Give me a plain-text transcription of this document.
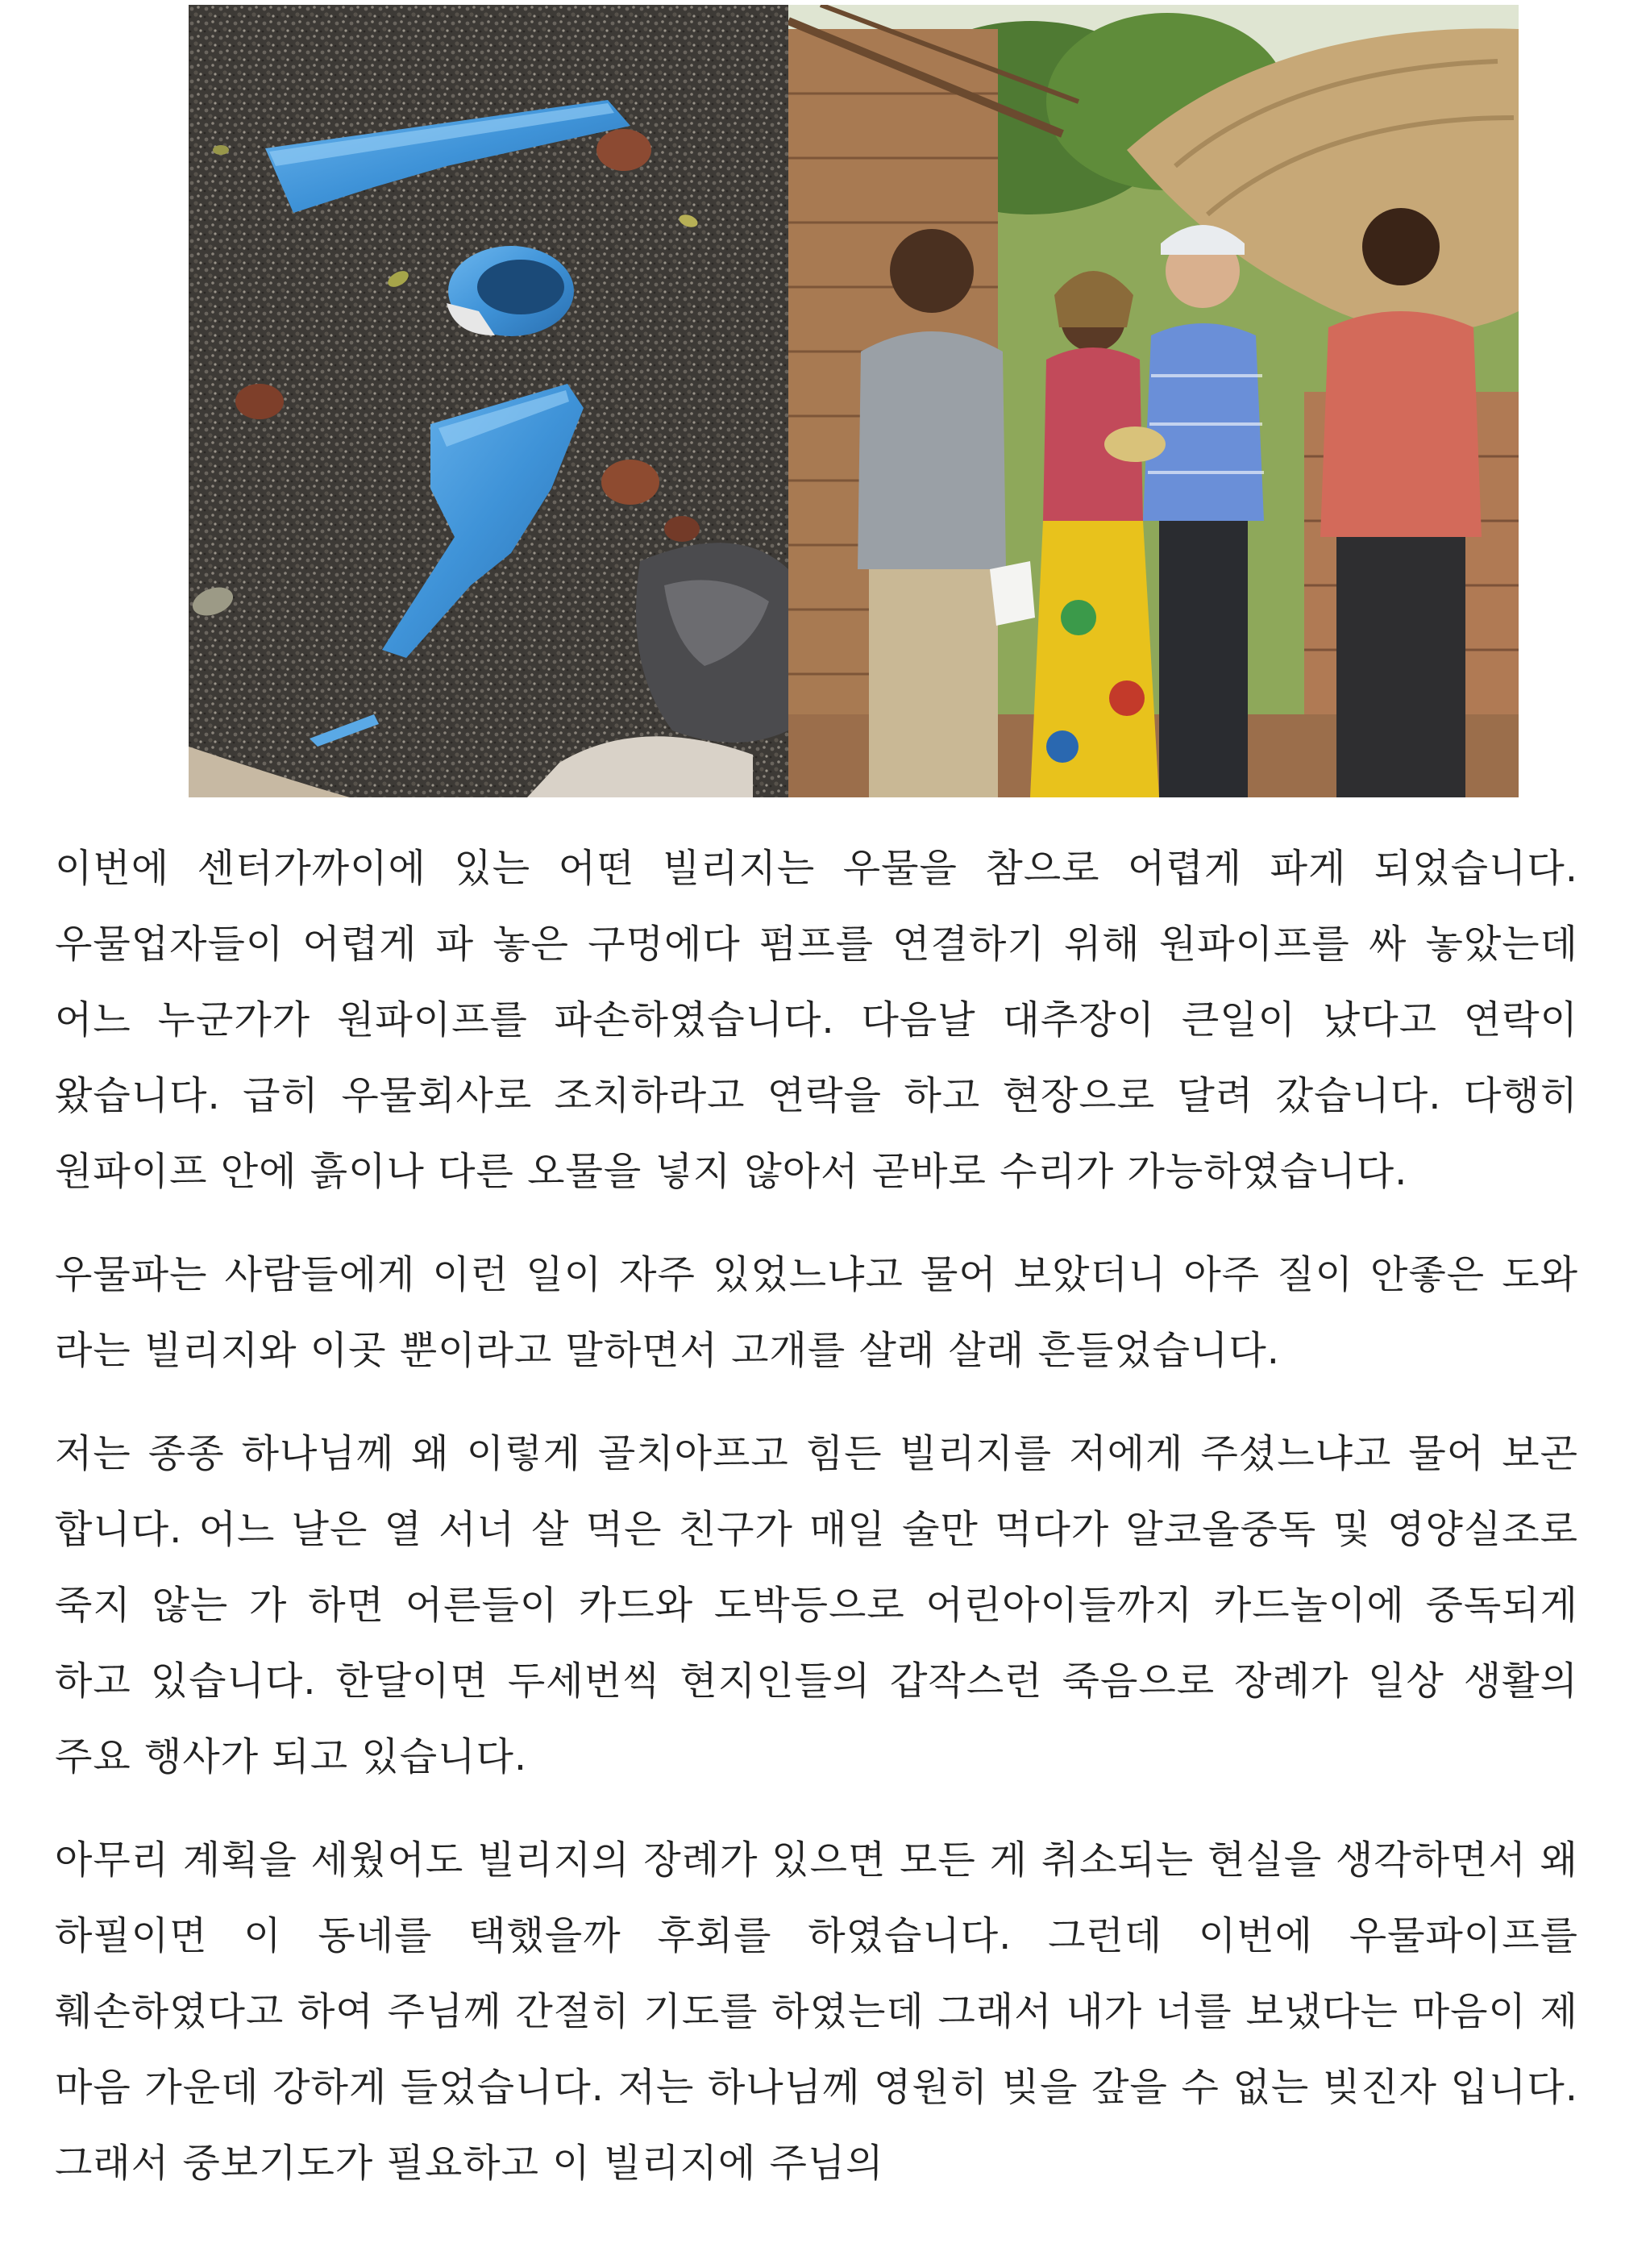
이번에 센터가까이에 있는 어떤 빌리지는 우물을 참으로 어렵게 파게 되었습니다. 우물업자들이 어렵게 파 놓은 구멍에다 펌프를 연결하기 위해 원파이프를 싸 놓았는데 어느 누군가가 원파이프를 파손하였습니다. 다음날 대추장이 큰일이 났다고 연락이 왔습니다. 급히 우물회사로 조치하라고 연락을 하고 현장으로 달려 갔습니다. 다행히 원파이프 안에 흙이나 다른 오물을 넣지 않아서 곧바로 수리가 가능하였습니다.

우물파는 사람들에게 이런 일이 자주 있었느냐고 물어 보았더니 아주 질이 안좋은 도와 라는 빌리지와 이곳 뿐이라고 말하면서 고개를 살래 살래 흔들었습니다.

저는 종종 하나님께 왜 이렇게 골치아프고 힘든 빌리지를 저에게 주셨느냐고 물어 보곤 합니다. 어느 날은 열 서너 살 먹은 친구가 매일 술만 먹다가 알코올중독 및 영양실조로 죽지 않는 가 하면 어른들이 카드와 도박등으로 어린아이들까지 카드놀이에 중독되게 하고 있습니다. 한달이면 두세번씩 현지인들의 갑작스런 죽음으로 장례가 일상 생활의 주요 행사가 되고 있습니다.

아무리 계획을 세웠어도 빌리지의 장례가 있으면 모든 게 취소되는 현실을 생각하면서 왜 하필이면 이 동네를 택했을까 후회를 하였습니다. 그런데 이번에 우물파이프를 훼손하였다고 하여 주님께 간절히 기도를 하였는데 그래서 내가 너를 보냈다는 마음이 제 마음 가운데 강하게 들었습니다. 저는 하나님께 영원히 빚을 갚을 수 없는 빚진자 입니다. 그래서 중보기도가 필요하고 이 빌리지에 주님의
